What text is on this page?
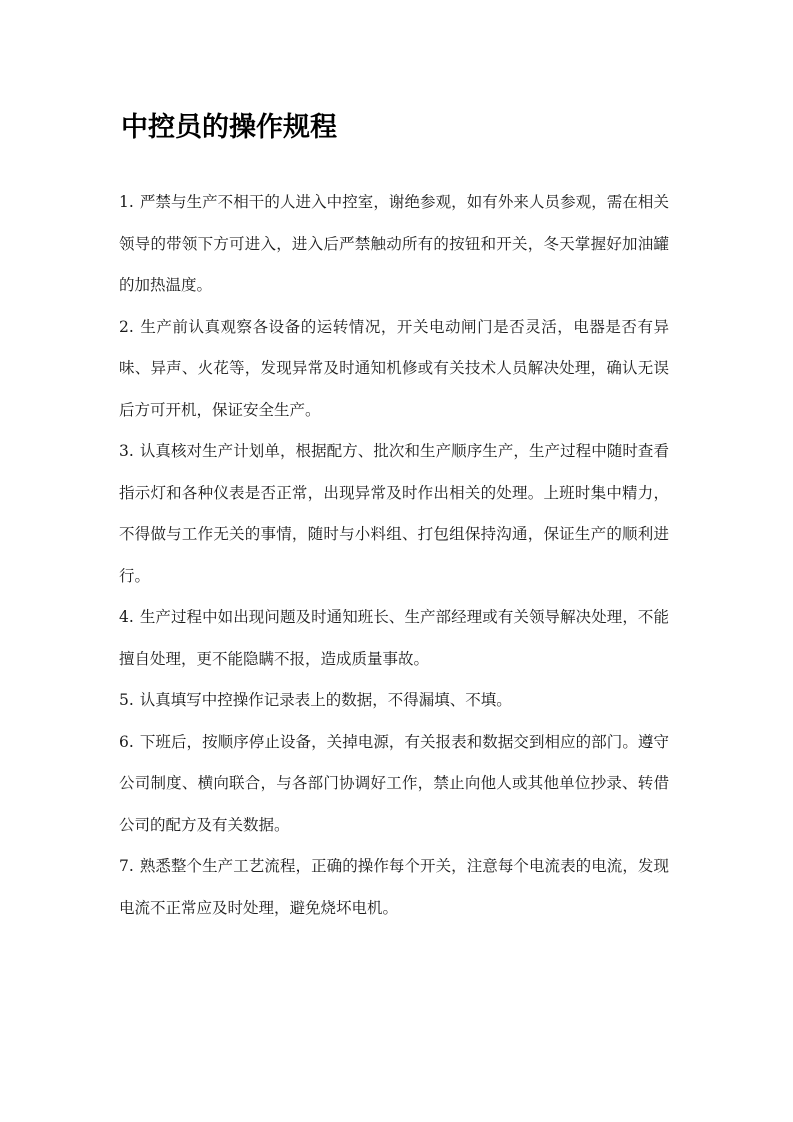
中控员的操作规程
1. 严禁与生产不相干的人进入中控室，谢绝参观，如有外来人员参观，需在相关领导的带领下方可进入，进入后严禁触动所有的按钮和开关，冬天掌握好加油罐的加热温度。
2. 生产前认真观察各设备的运转情况，开关电动闸门是否灵活，电器是否有异味、异声、火花等，发现异常及时通知机修或有关技术人员解决处理，确认无误后方可开机，保证安全生产。
3. 认真核对生产计划单，根据配方、批次和生产顺序生产，生产过程中随时查看指示灯和各种仪表是否正常，出现异常及时作出相关的处理。上班时集中精力，不得做与工作无关的事情，随时与小料组、打包组保持沟通，保证生产的顺利进行。
4. 生产过程中如出现问题及时通知班长、生产部经理或有关领导解决处理，不能擅自处理，更不能隐瞒不报，造成质量事故。
5. 认真填写中控操作记录表上的数据，不得漏填、不填。
6. 下班后，按顺序停止设备，关掉电源，有关报表和数据交到相应的部门。遵守公司制度、横向联合，与各部门协调好工作，禁止向他人或其他单位抄录、转借公司的配方及有关数据。
7. 熟悉整个生产工艺流程，正确的操作每个开关，注意每个电流表的电流，发现电流不正常应及时处理，避免烧坏电机。
